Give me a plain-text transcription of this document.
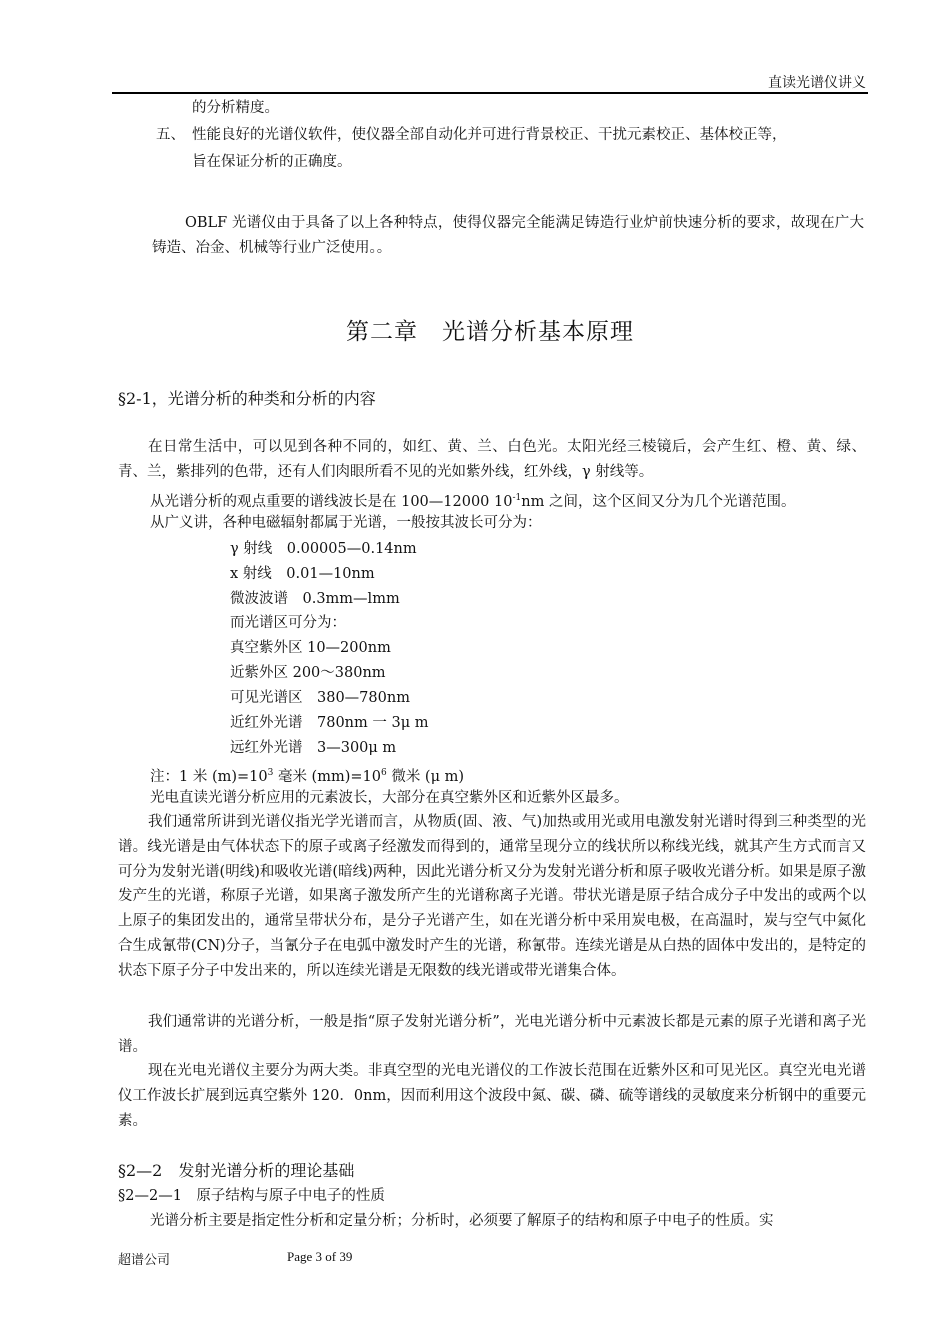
直读光谱仪讲义
的分析精度。
五、 性能良好的光谱仪软件，使仪器全部自动化并可进行背景校正、干扰元素校正、基体校正等，
旨在保证分析的正确度。
OBLF 光谱仪由于具备了以上各种特点，使得仪器完全能满足铸造行业炉前快速分析的要求，故现在广大铸造、冶金、机械等行业广泛使用。。
第二章　光谱分析基本原理
§2-1，光谱分析的种类和分析的内容
在日常生活中，可以见到各种不同的，如红、黄、兰、白色光。太阳光经三棱镜后，会产生红、橙、黄、绿、青、兰，紫排列的色带，还有人们肉眼所看不见的光如紫外线，红外线，γ 射线等。
从光谱分析的观点重要的谱线波长是在 100—12000 $10^{-1}nm$ 之间，这个区间又分为几个光谱范围。
从广义讲，各种电磁辐射都属于光谱，一般按其波长可分为：
γ 射线　0.00005—0.14nm
x 射线　0.01—10nm
微波波谱　0.3mm—lmm
而光谱区可分为：
真空紫外区 10—200nm
近紫外区 200～380nm
可见光谱区　380—780nm
近红外光谱　780nm 一 3μ m
远红外光谱　3—300μ m
注：1 米 $(m)=10^3$ 毫米 $(mm)=10^6$ 微米 (μ m)
光电直读光谱分析应用的元素波长，大部分在真空紫外区和近紫外区最多。
我们通常所讲到光谱仪指光学光谱而言，从物质(固、液、气)加热或用光或用电激发射光谱时得到三种类型的光谱。线光谱是由气体状态下的原子或离子经激发而得到的，通常呈现分立的线状所以称线光线，就其产生方式而言又可分为发射光谱(明线)和吸收光谱(暗线)两种，因此光谱分析又分为发射光谱分析和原子吸收光谱分析。如果是原子激发产生的光谱，称原子光谱，如果离子激发所产生的光谱称离子光谱。带状光谱是原子结合成分子中发出的或两个以上原子的集团发出的，通常呈带状分布，是分子光谱产生，如在光谱分析中采用炭电极，在高温时，炭与空气中氮化合生成氰带(CN)分子，当氰分子在电弧中激发时产生的光谱，称氰带。连续光谱是从白热的固体中发出的，是特定的状态下原子分子中发出来的，所以连续光谱是无限数的线光谱或带光谱集合体。
我们通常讲的光谱分析，一般是指“原子发射光谱分析”，光电光谱分析中元素波长都是元素的原子光谱和离子光谱。
现在光电光谱仪主要分为两大类。非真空型的光电光谱仪的工作波长范围在近紫外区和可见光区。真空光电光谱仪工作波长扩展到远真空紫外 120．0nm，因而利用这个波段中氮、碳、磷、硫等谱线的灵敏度来分析钢中的重要元素。
§2—2　发射光谱分析的理论基础
§2—2—1　原子结构与原子中电子的性质
光谱分析主要是指定性分析和定量分析；分析时，必须要了解原子的结构和原子中电子的性质。实
超谱公司	Page 3 of 39
